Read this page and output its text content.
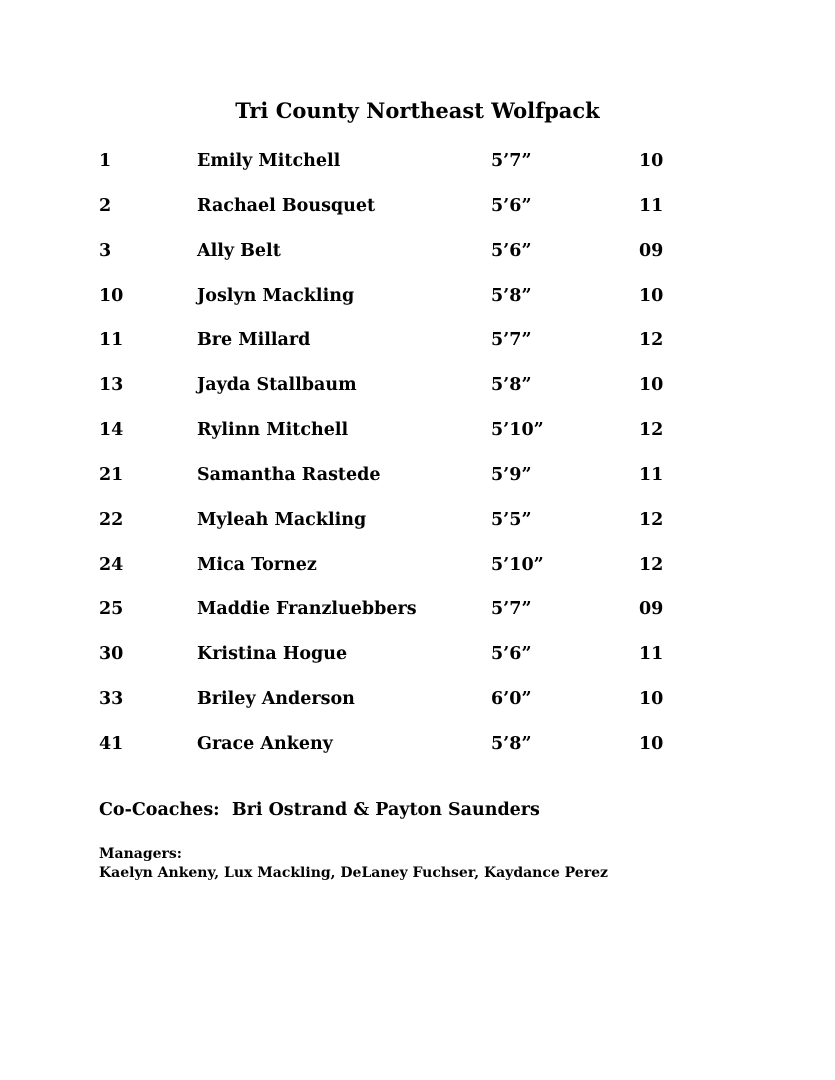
Tri County Northeast Wolfpack
1	Emily Mitchell	5’7”	10
2	Rachael Bousquet	5’6”	11
3	Ally Belt	5’6”	09
10	Joslyn Mackling	5’8”	10
11	Bre Millard	5’7”	12
13	Jayda Stallbaum	5’8”	10
14	Rylinn Mitchell	5’10”	12
21	Samantha Rastede	5’9”	11
22	Myleah Mackling	5’5”	12
24	Mica Tornez	5’10”	12
25	Maddie Franzluebbers	5’7”	09
30	Kristina Hogue	5’6”	11
33	Briley Anderson	6’0”	10
41	Grace Ankeny	5’8”	10
Co-Coaches:  Bri Ostrand & Payton Saunders
Managers:
Kaelyn Ankeny, Lux Mackling, DeLaney Fuchser, Kaydance Perez
